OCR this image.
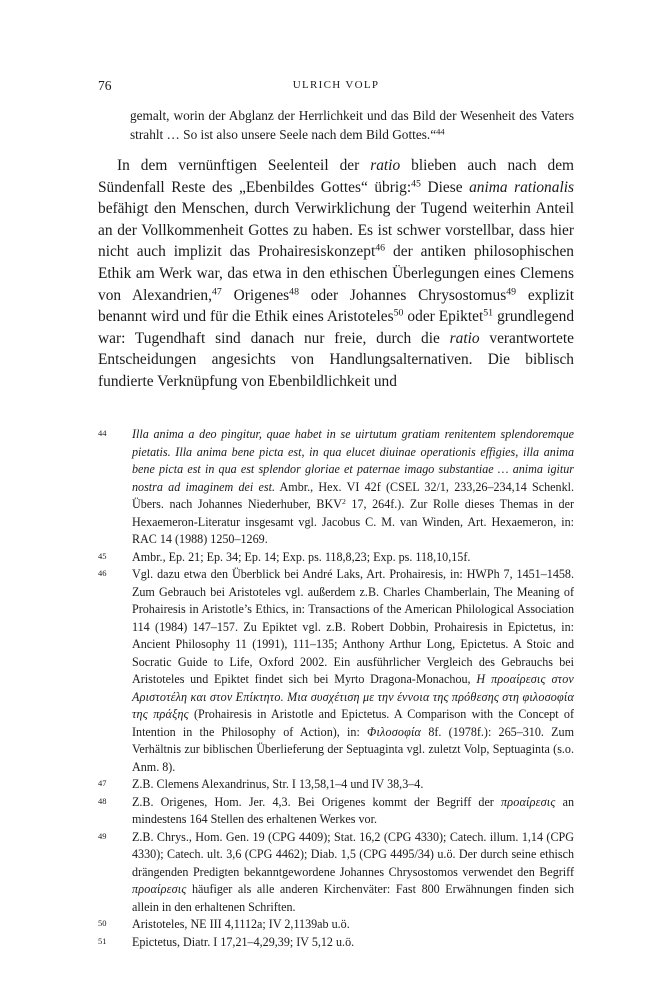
76	ULRICH VOLP
gemalt, worin der Abglanz der Herrlichkeit und das Bild der Wesenheit des Vaters strahlt … So ist also unsere Seele nach dem Bild Gottes.“$^{44}$

In dem vernünftigen Seelenteil der ratio blieben auch nach dem Sündenfall Reste des „Ebenbildes Gottes“ übrig:$^{45}$ Diese anima rationalis befähigt den Menschen, durch Verwirklichung der Tugend weiterhin Anteil an der Vollkommenheit Gottes zu haben. Es ist schwer vorstellbar, dass hier nicht auch implizit das Prohairesiskonzept$^{46}$ der antiken philosophischen Ethik am Werk war, das etwa in den ethischen Überlegungen eines Clemens von Alexandrien,$^{47}$ Origenes$^{48}$ oder Johannes Chrysostomus$^{49}$ explizit benannt wird und für die Ethik eines Aristoteles$^{50}$ oder Epiktet$^{51}$ grundlegend war: Tugendhaft sind danach nur freie, durch die ratio verantwortete Entscheidungen angesichts von Handlungsalternativen. Die biblisch fundierte Verknüpfung von Ebenbildlichkeit und

44 Illa anima a deo pingitur, quae habet in se uirtutum gratiam renitentem splendoremque pietatis. Illa anima bene picta est, in qua elucet diuinae operationis effigies, illa anima bene picta est in qua est splendor gloriae et paternae imago substantiae … anima igitur nostra ad imaginem dei est. Ambr., Hex. VI 42f (CSEL 32/1, 233,26–234,14 Schenkl. Übers. nach Johannes Niederhuber, BKV$^2$ 17, 264f.). Zur Rolle dieses Themas in der Hexaemeron-Literatur insgesamt vgl. Jacobus C. M. van Winden, Art. Hexaemeron, in: RAC 14 (1988) 1250–1269.
45 Ambr., Ep. 21; Ep. 34; Ep. 14; Exp. ps. 118,8,23; Exp. ps. 118,10,15f.
46 Vgl. dazu etwa den Überblick bei André Laks, Art. Prohairesis, in: HWPh 7, 1451–1458. Zum Gebrauch bei Aristoteles vgl. außerdem z.B. Charles Chamberlain, The Meaning of Prohairesis in Aristotle’s Ethics, in: Transactions of the American Philological Association 114 (1984) 147–157. Zu Epiktet vgl. z.B. Robert Dobbin, Prohairesis in Epictetus, in: Ancient Philosophy 11 (1991), 111–135; Anthony Arthur Long, Epictetus. A Stoic and Socratic Guide to Life, Oxford 2002. Ein ausführlicher Vergleich des Gebrauchs bei Aristoteles und Epiktet findet sich bei Myrto Dragona-Monachou, Η προαίρεσις στον Αριστοτέλη και στον Επίκτητο. Μια συσχέτιση με την έννοια της πρόθεσης στη φιλοσοφία της πράξης (Prohairesis in Aristotle and Epictetus. A Comparison with the Concept of Intention in the Philosophy of Action), in: Φιλοσοφία 8f. (1978f.): 265–310. Zum Verhältnis zur biblischen Überlieferung der Septuaginta vgl. zuletzt Volp, Septuaginta (s.o. Anm. 8).
47 Z.B. Clemens Alexandrinus, Str. I 13,58,1–4 und IV 38,3–4.
48 Z.B. Origenes, Hom. Jer. 4,3. Bei Origenes kommt der Begriff der προαίρεσις an mindestens 164 Stellen des erhaltenen Werkes vor.
49 Z.B. Chrys., Hom. Gen. 19 (CPG 4409); Stat. 16,2 (CPG 4330); Catech. illum. 1,14 (CPG 4330); Catech. ult. 3,6 (CPG 4462); Diab. 1,5 (CPG 4495/34) u.ö. Der durch seine ethisch drängenden Predigten bekanntgewordene Johannes Chrysostomos verwendet den Begriff προαίρεσις häufiger als alle anderen Kirchenväter: Fast 800 Erwähnungen finden sich allein in den erhaltenen Schriften.
50 Aristoteles, NE III 4,1112a; IV 2,1139ab u.ö.
51 Epictetus, Diatr. I 17,21–4,29,39; IV 5,12 u.ö.
